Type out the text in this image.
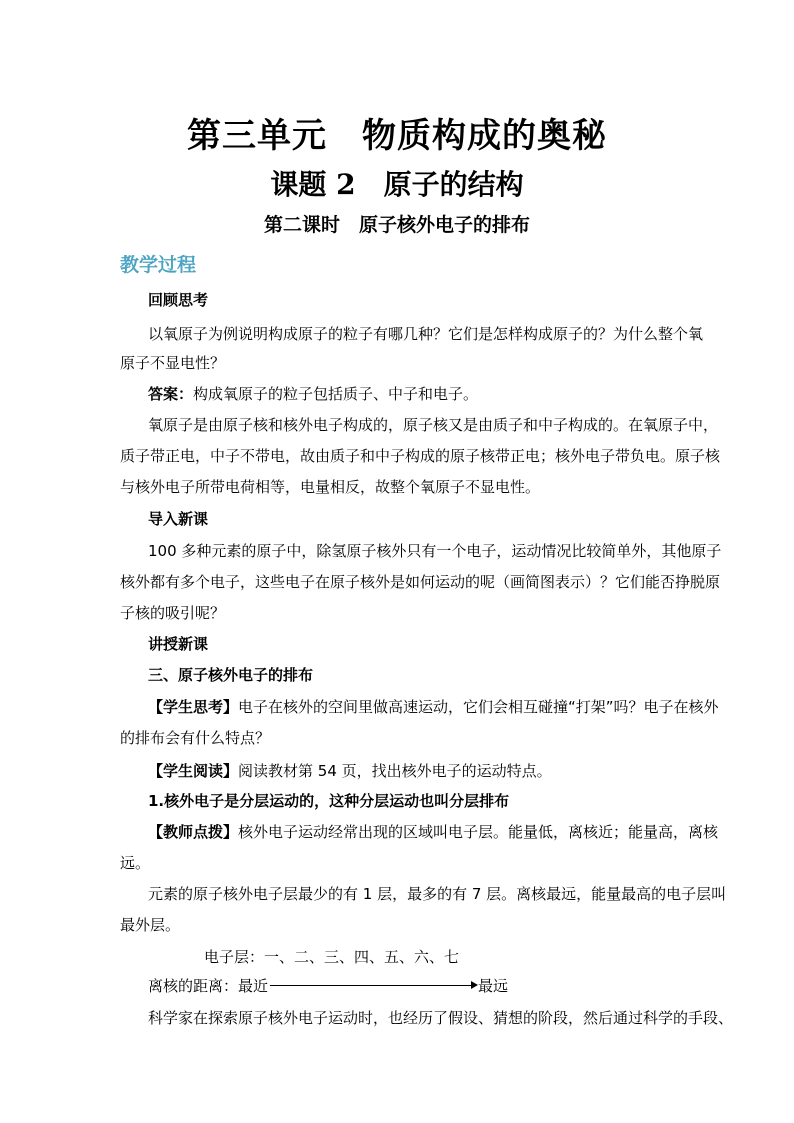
第三单元　物质构成的奥秘
课题 2　原子的结构
第二课时　原子核外电子的排布
教学过程
回顾思考
以氧原子为例说明构成原子的粒子有哪几种？它们是怎样构成原子的？为什么整个氧
原子不显电性？
答案：构成氧原子的粒子包括质子、中子和电子。
氧原子是由原子核和核外电子构成的，原子核又是由质子和中子构成的。在氧原子中，
质子带正电，中子不带电，故由质子和中子构成的原子核带正电；核外电子带负电。原子核
与核外电子所带电荷相等，电量相反，故整个氧原子不显电性。
导入新课
100 多种元素的原子中，除氢原子核外只有一个电子，运动情况比较简单外，其他原子
核外都有多个电子，这些电子在原子核外是如何运动的呢（画简图表示）？它们能否挣脱原
子核的吸引呢？
讲授新课
三、原子核外电子的排布
【学生思考】电子在核外的空间里做高速运动，它们会相互碰撞“打架”吗？电子在核外
的排布会有什么特点？
【学生阅读】阅读教材第 54 页，找出核外电子的运动特点。
1.核外电子是分层运动的，这种分层运动也叫分层排布
【教师点拨】核外电子运动经常出现的区域叫电子层。能量低，离核近；能量高，离核
远。
元素的原子核外电子层最少的有 1 层，最多的有 7 层。离核最远，能量最高的电子层叫
最外层。
电子层：一、二、三、四、五、六、七
离核的距离：最近	最远
科学家在探索原子核外电子运动时，也经历了假设、猜想的阶段，然后通过科学的手段、
